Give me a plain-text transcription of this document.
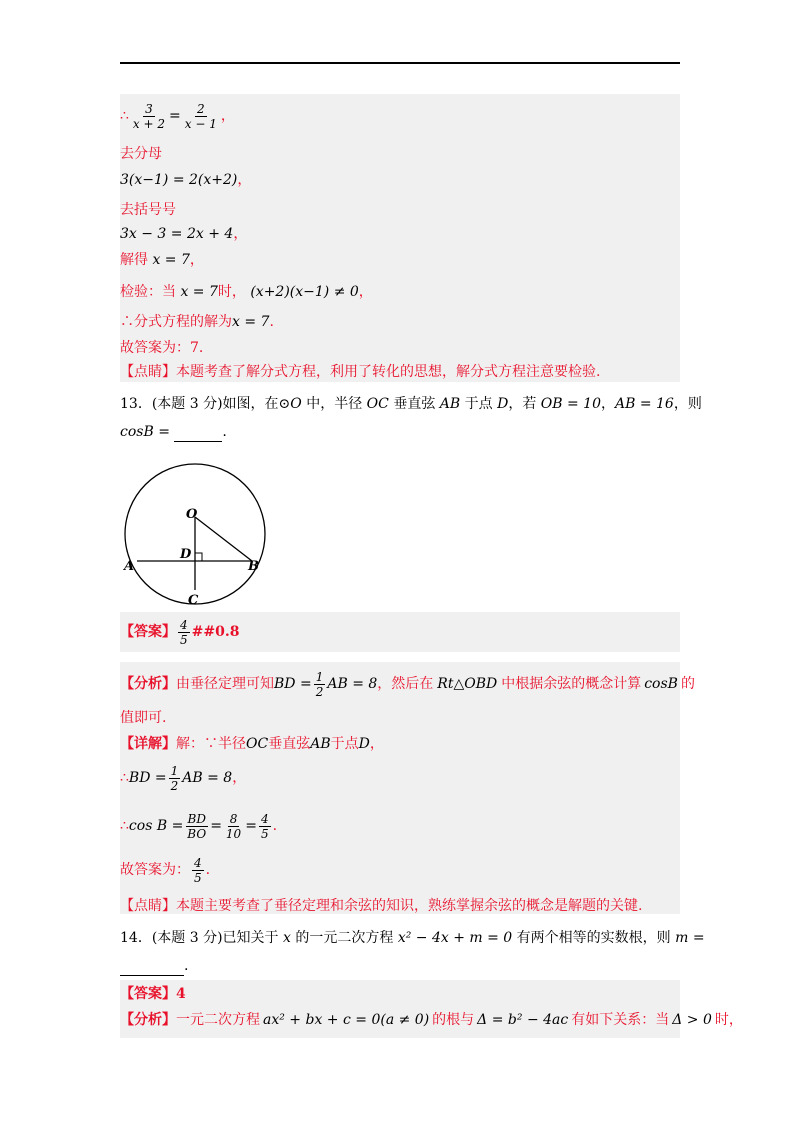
∴ $\frac{3}{x + 2} = \frac{2}{x - 1}$ ，
去分母
3(x−1) = 2(x+2)，
去括号号
3x − 3 = 2x + 4，
解得 x = 7，
检验：当 x = 7时， (x+2)(x−1) ≠ 0，
∴分式方程的解为x = 7.
故答案为：7.
【点睛】本题考查了解分式方程，利用了转化的思想，解分式方程注意要检验.
13．(本题 3 分)如图，在⊙O 中，半径 OC 垂直弦 AB 于点 D，若 OB = 10，AB = 16，则
cosB =	.
O
D
A	B
C
【答案】 $\frac{4}{5}$ ##0.8
【分析】 由垂径定理可知 BD = $\frac{1}{2}$ AB = 8 ，然后在 Rt△OBD 中根据余弦的概念计算 cosB 的
值即可.
【详解】解：∵半径OC垂直弦AB于点D，
∴ BD = $\frac{1}{2}$ AB = 8 ，
∴ $\cos B = \frac{BD}{BO} = \frac{8}{10} = \frac{4}{5}$ .
故答案为： $\frac{4}{5}$ .
【点睛】本题主要考查了垂径定理和余弦的知识，熟练掌握余弦的概念是解题的关键.
14．(本题 3 分)已知关于 x 的一元二次方程 x² − 4x + m = 0 有两个相等的实数根，则 m =
.
【答案】4
【分析】一元二次方程 ax² + bx + c = 0(a ≠ 0) 的根与 Δ = b² − 4ac 有如下关系：当 Δ > 0 时，
